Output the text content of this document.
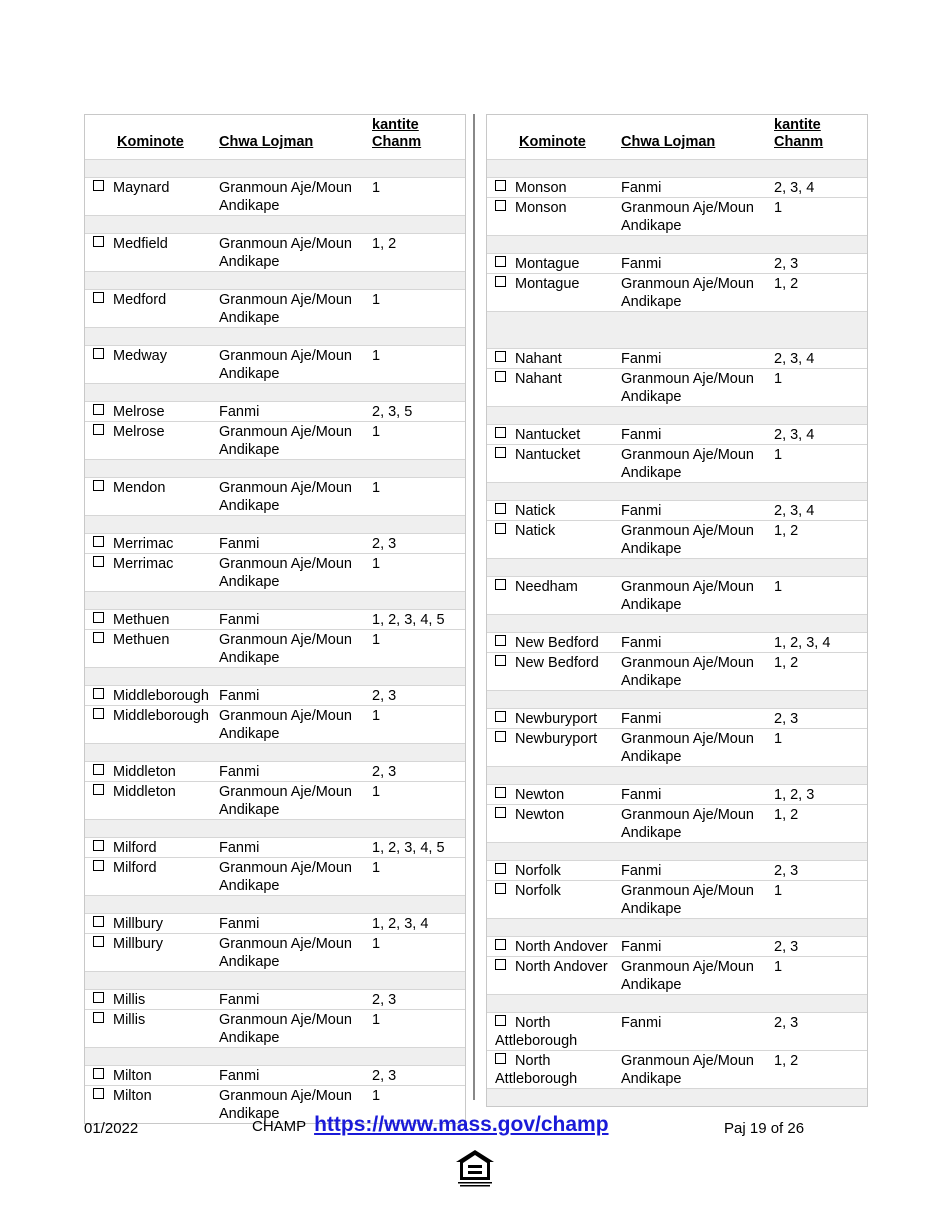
Kominote	Chwa Lojman	kantite Chanm

Maynard	Granmoun Aje/Moun Andikape	1

Medfield	Granmoun Aje/Moun Andikape	1, 2

Medford	Granmoun Aje/Moun Andikape	1

Medway	Granmoun Aje/Moun Andikape	1

Melrose	Fanmi	2, 3, 5
Melrose	Granmoun Aje/Moun Andikape	1

Mendon	Granmoun Aje/Moun Andikape	1

Merrimac	Fanmi	2, 3
Merrimac	Granmoun Aje/Moun Andikape	1

Methuen	Fanmi	1, 2, 3, 4, 5
Methuen	Granmoun Aje/Moun Andikape	1

Middleborough	Fanmi	2, 3
Middleborough	Granmoun Aje/Moun Andikape	1

Middleton	Fanmi	2, 3
Middleton	Granmoun Aje/Moun Andikape	1

Milford	Fanmi	1, 2, 3, 4, 5
Milford	Granmoun Aje/Moun Andikape	1

Millbury	Fanmi	1, 2, 3, 4
Millbury	Granmoun Aje/Moun Andikape	1

Millis	Fanmi	2, 3
Millis	Granmoun Aje/Moun Andikape	1

Milton	Fanmi	2, 3
Milton	Granmoun Aje/Moun Andikape	1
Kominote	Chwa Lojman	kantite Chanm

Monson	Fanmi	2, 3, 4
Monson	Granmoun Aje/Moun Andikape	1

Montague	Fanmi	2, 3
Montague	Granmoun Aje/Moun Andikape	1, 2

Nahant	Fanmi	2, 3, 4
Nahant	Granmoun Aje/Moun Andikape	1

Nantucket	Fanmi	2, 3, 4
Nantucket	Granmoun Aje/Moun Andikape	1

Natick	Fanmi	2, 3, 4
Natick	Granmoun Aje/Moun Andikape	1, 2

Needham	Granmoun Aje/Moun Andikape	1

New Bedford	Fanmi	1, 2, 3, 4
New Bedford	Granmoun Aje/Moun Andikape	1, 2

Newburyport	Fanmi	2, 3
Newburyport	Granmoun Aje/Moun Andikape	1

Newton	Fanmi	1, 2, 3
Newton	Granmoun Aje/Moun Andikape	1, 2

Norfolk	Fanmi	2, 3
Norfolk	Granmoun Aje/Moun Andikape	1

North Andover	Fanmi	2, 3
North Andover	Granmoun Aje/Moun Andikape	1

North Attleborough	Fanmi	2, 3
North Attleborough	Granmoun Aje/Moun Andikape	1, 2

01/2022	CHAMP https://www.mass.gov/champ	Paj 19 of 26
